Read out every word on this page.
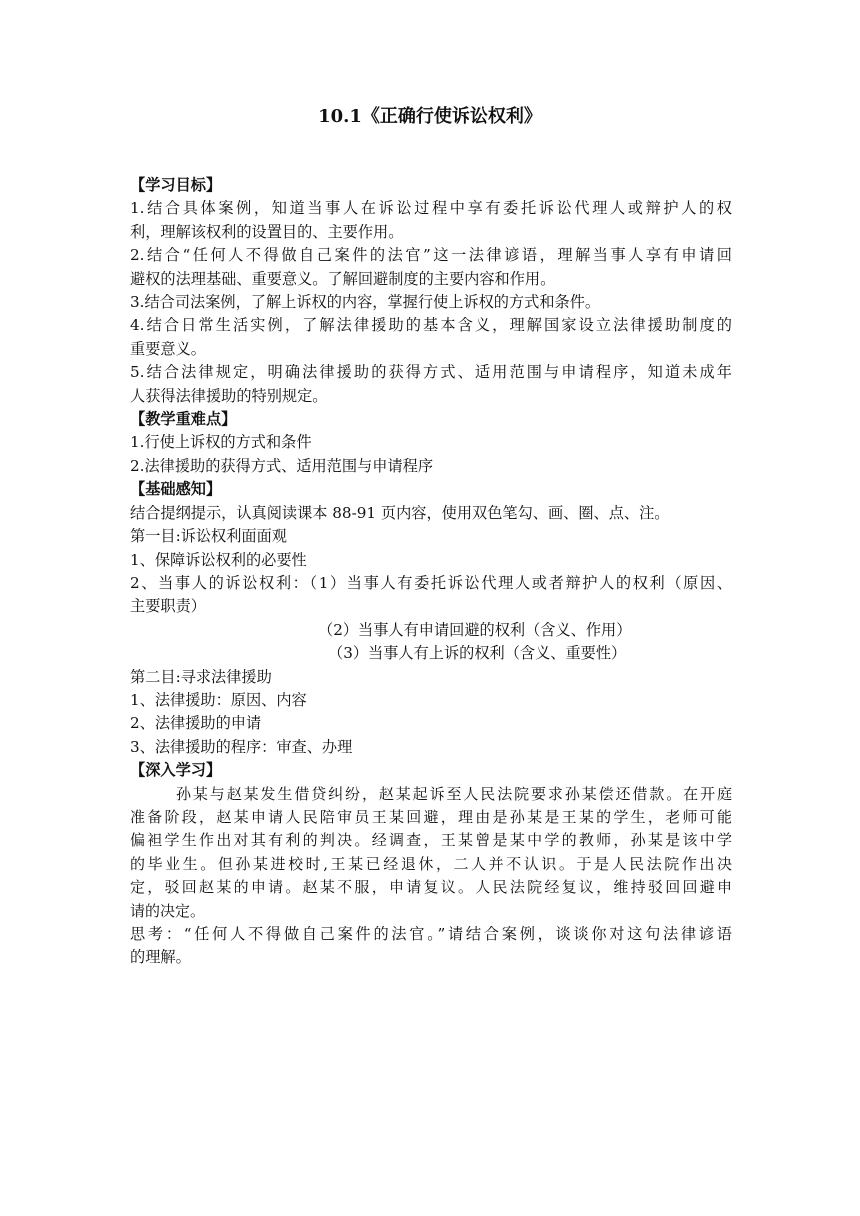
10.1《正确行使诉讼权利》
【学习目标】
1.结合具体案例，知道当事人在诉讼过程中享有委托诉讼代理人或辩护人的权
利，理解该权利的设置目的、主要作用。
2.结合“任何人不得做自己案件的法官”这一法律谚语，理解当事人享有申请回
避权的法理基础、重要意义。了解回避制度的主要内容和作用。
3.结合司法案例，了解上诉权的内容，掌握行使上诉权的方式和条件。
4.结合日常生活实例，了解法律援助的基本含义，理解国家设立法律援助制度的
重要意义。
5.结合法律规定，明确法律援助的获得方式、适用范围与申请程序，知道未成年
人获得法律援助的特别规定。
【教学重难点】
1.行使上诉权的方式和条件
2.法律援助的获得方式、适用范围与申请程序
【基础感知】
结合提纲提示，认真阅读课本 88-91 页内容，使用双色笔勾、画、圈、点、注。
第一目:诉讼权利面面观
1、保障诉讼权利的必要性
2、当事人的诉讼权利：（1）当事人有委托诉讼代理人或者辩护人的权利（原因、
主要职责）
（2）当事人有申请回避的权利（含义、作用）
（3）当事人有上诉的权利（含义、重要性）
第二目:寻求法律援助
1、法律援助：原因、内容
2、法律援助的申请
3、法律援助的程序：审查、办理
【深入学习】
孙某与赵某发生借贷纠纷，赵某起诉至人民法院要求孙某偿还借款。在开庭
准备阶段，赵某申请人民陪审员王某回避，理由是孙某是王某的学生，老师可能
偏袒学生作出对其有利的判决。经调查，王某曾是某中学的教师，孙某是该中学
的毕业生。但孙某进校时,王某已经退休，二人并不认识。于是人民法院作出决
定，驳回赵某的申请。赵某不服，申请复议。人民法院经复议，维持驳回回避申
请的决定。
思考：“任何人不得做自己案件的法官。”请结合案例，谈谈你对这句法律谚语
的理解。
